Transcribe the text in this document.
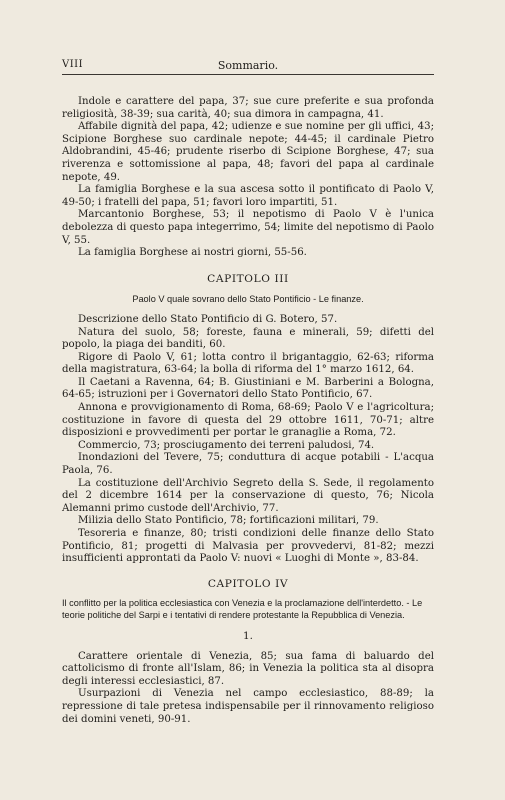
VIII	Sommario.

Indole e carattere del papa, 37; sue cure preferite e sua profonda religiosità, 38-39; sua carità, 40; sua dimora in campagna, 41.

Affabile dignità del papa, 42; udienze e sue nomine per gli uffici, 43; Scipione Borghese suo cardinale nepote; 44-45; il cardinale Pietro Aldobrandini, 45-46; prudente riserbo di Scipione Borghese, 47; sua riverenza e sottomissione al papa, 48; favori del papa al cardinale nepote, 49.

La famiglia Borghese e la sua ascesa sotto il pontificato di Paolo V, 49-50; i fratelli del papa, 51; favori loro impartiti, 51.

Marcantonio Borghese, 53; il nepotismo di Paolo V è l'unica debolezza di questo papa integerrimo, 54; limite del nepotismo di Paolo V, 55.

La famiglia Borghese ai nostri giorni, 55-56.

CAPITOLO III

Paolo V quale sovrano dello Stato Pontificio - Le finanze.

Descrizione dello Stato Pontificio di G. Botero, 57.

Natura del suolo, 58; foreste, fauna e minerali, 59; difetti del popolo, la piaga dei banditi, 60.

Rigore di Paolo V, 61; lotta contro il brigantaggio, 62-63; riforma della magistratura, 63-64; la bolla di riforma del 1° marzo 1612, 64.

Il Caetani a Ravenna, 64; B. Giustiniani e M. Barberini a Bologna, 64-65; istruzioni per i Governatori dello Stato Pontificio, 67.

Annona e provvigionamento di Roma, 68-69; Paolo V e l'agricoltura; costituzione in favore di questa del 29 ottobre 1611, 70-71; altre disposizioni e provvedimenti per portar le granaglie a Roma, 72.

Commercio, 73; prosciugamento dei terreni paludosi, 74.

Inondazioni del Tevere, 75; conduttura di acque potabili - L'acqua Paola, 76.

La costituzione dell'Archivio Segreto della S. Sede, il regolamento del 2 dicembre 1614 per la conservazione di questo, 76; Nicola Alemanni primo custode dell'Archivio, 77.

Milizia dello Stato Pontificio, 78; fortificazioni militari, 79.

Tesoreria e finanze, 80; tristi condizioni delle finanze dello Stato Pontificio, 81; progetti di Malvasia per provvedervi, 81-82; mezzi insufficienti approntati da Paolo V: nuovi « Luoghi di Monte », 83-84.

CAPITOLO IV

Il conflitto per la politica ecclesiastica con Venezia e la proclamazione dell'interdetto. - Le teorie politiche del Sarpi e i tentativi di rendere protestante la Repubblica di Venezia.

1.

Carattere orientale di Venezia, 85; sua fama di baluardo del cattolicismo di fronte all'Islam, 86; in Venezia la politica sta al disopra degli interessi ecclesiastici, 87.

Usurpazioni di Venezia nel campo ecclesiastico, 88-89; la repressione di tale pretesa indispensabile per il rinnovamento religioso dei domini veneti, 90-91.
